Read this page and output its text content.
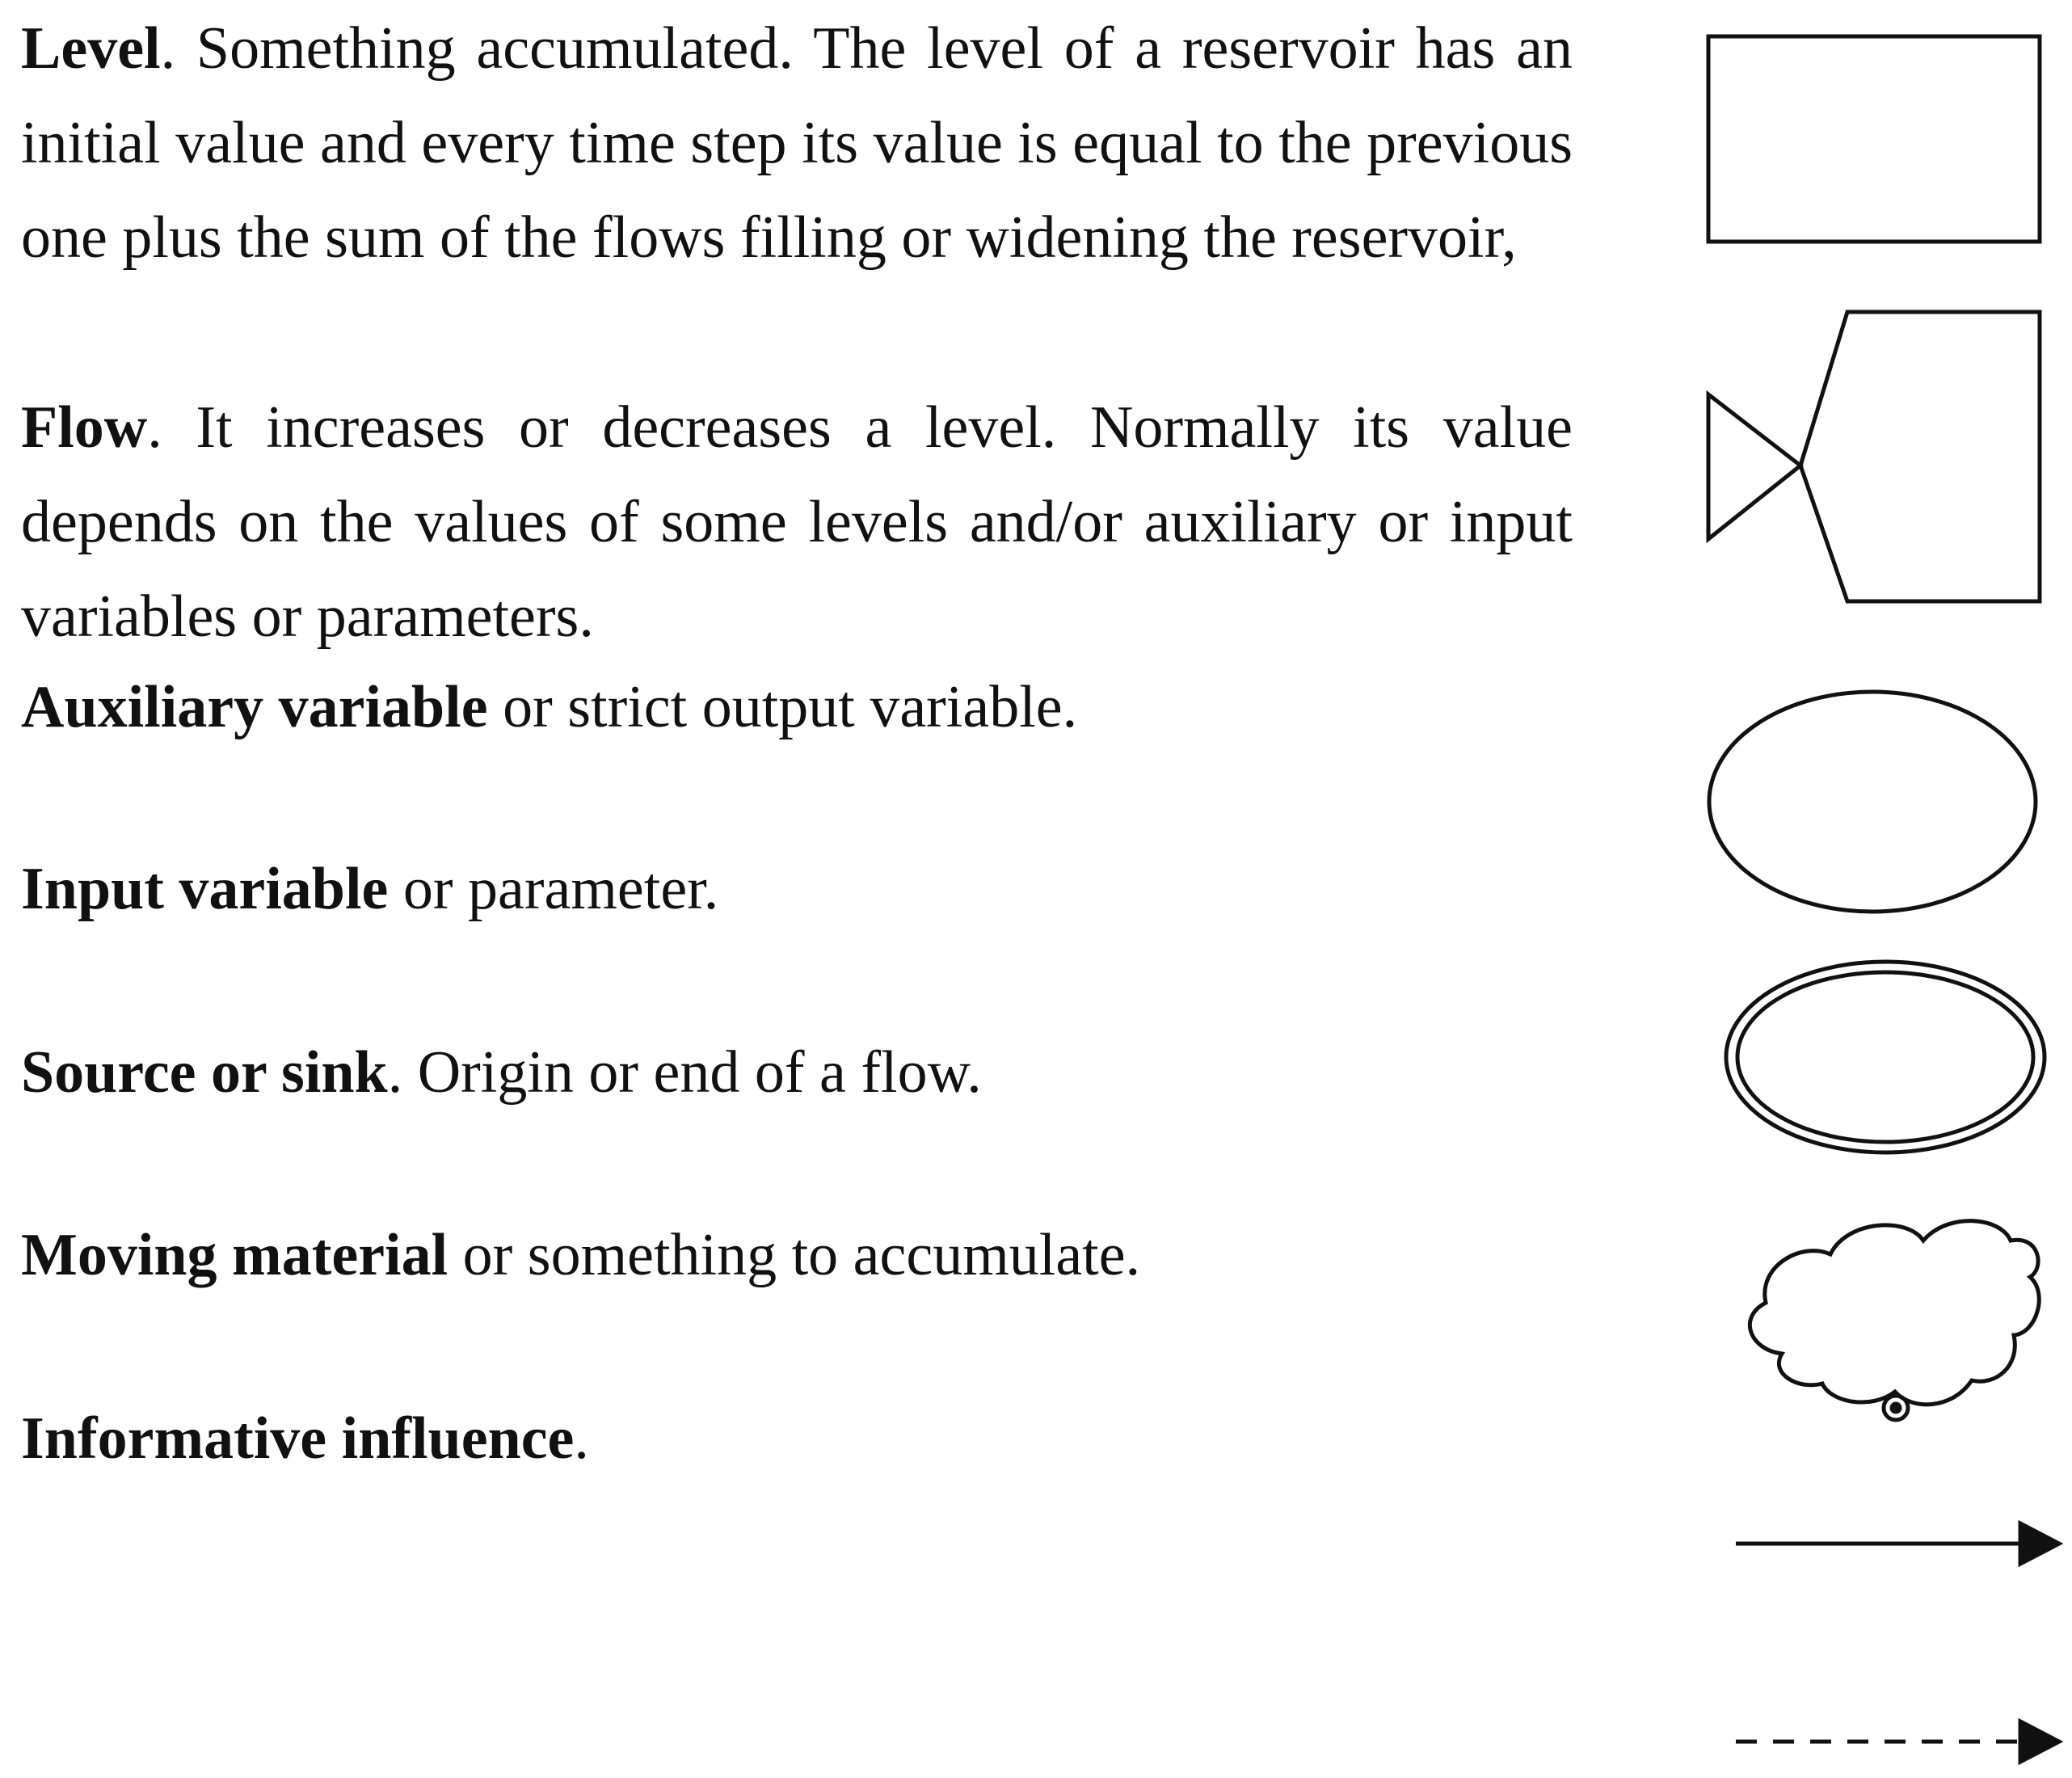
Level. Something accumulated. The level of a reservoir has an initial value and every time step its value is equal to the previous one plus the sum of the flows filling or widening the reservoir,

Flow. It increases or decreases a level. Normally its value depends on the values of some levels and/or auxiliary or input variables or parameters.

Auxiliary variable or strict output variable.

Input variable or parameter.

Source or sink. Origin or end of a flow.

Moving material or something to accumulate.

Informative influence.
